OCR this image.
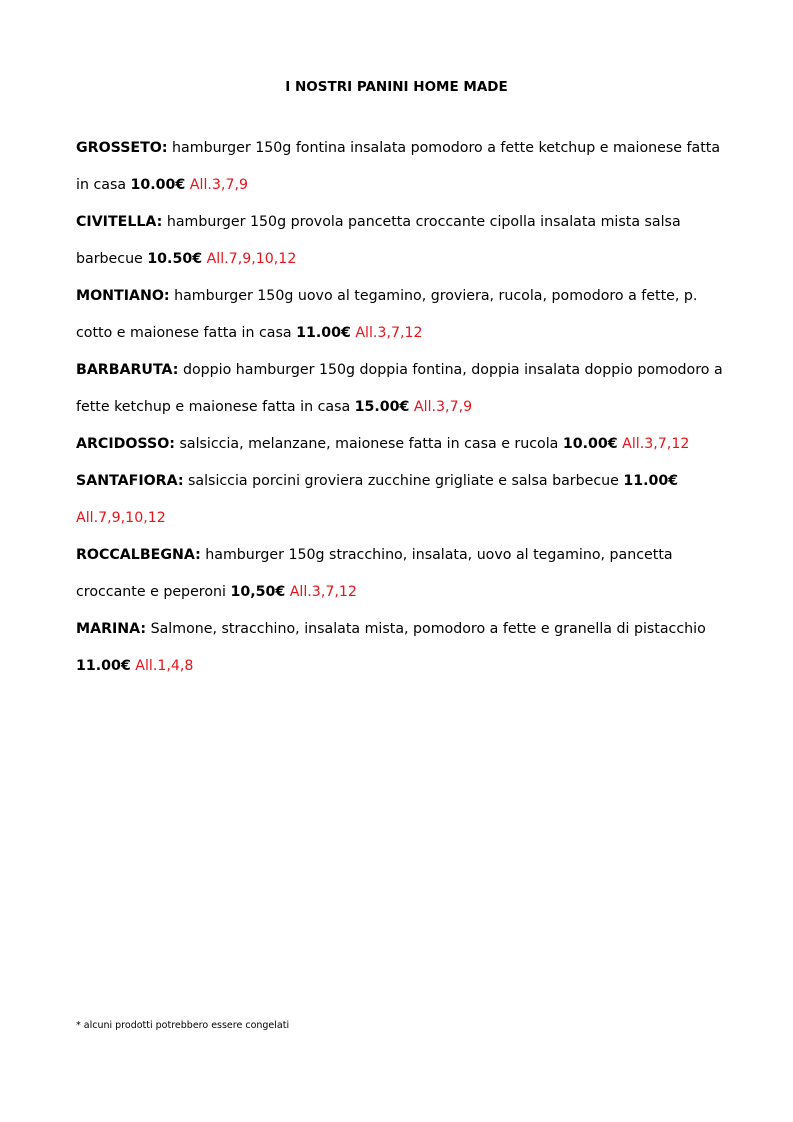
I NOSTRI PANINI HOME MADE

GROSSETO: hamburger 150g fontina insalata pomodoro a fette ketchup e maionese fatta in casa 10.00€ All.3,7,9

CIVITELLA: hamburger 150g provola pancetta croccante cipolla insalata mista salsa barbecue 10.50€ All.7,9,10,12

MONTIANO: hamburger 150g uovo al tegamino, groviera, rucola, pomodoro a fette, p. cotto e maionese fatta in casa 11.00€ All.3,7,12

BARBARUTA: doppio hamburger 150g doppia fontina, doppia insalata doppio pomodoro a fette ketchup e maionese fatta in casa 15.00€ All.3,7,9

ARCIDOSSO: salsiccia, melanzane, maionese fatta in casa e rucola 10.00€ All.3,7,12

SANTAFIORA: salsiccia porcini groviera zucchine grigliate e salsa barbecue 11.00€ All.7,9,10,12

ROCCALBEGNA: hamburger 150g stracchino, insalata, uovo al tegamino, pancetta croccante e peperoni 10,50€ All.3,7,12

MARINA: Salmone, stracchino, insalata mista, pomodoro a fette e granella di pistacchio 11.00€ All.1,4,8

* alcuni prodotti potrebbero essere congelati
